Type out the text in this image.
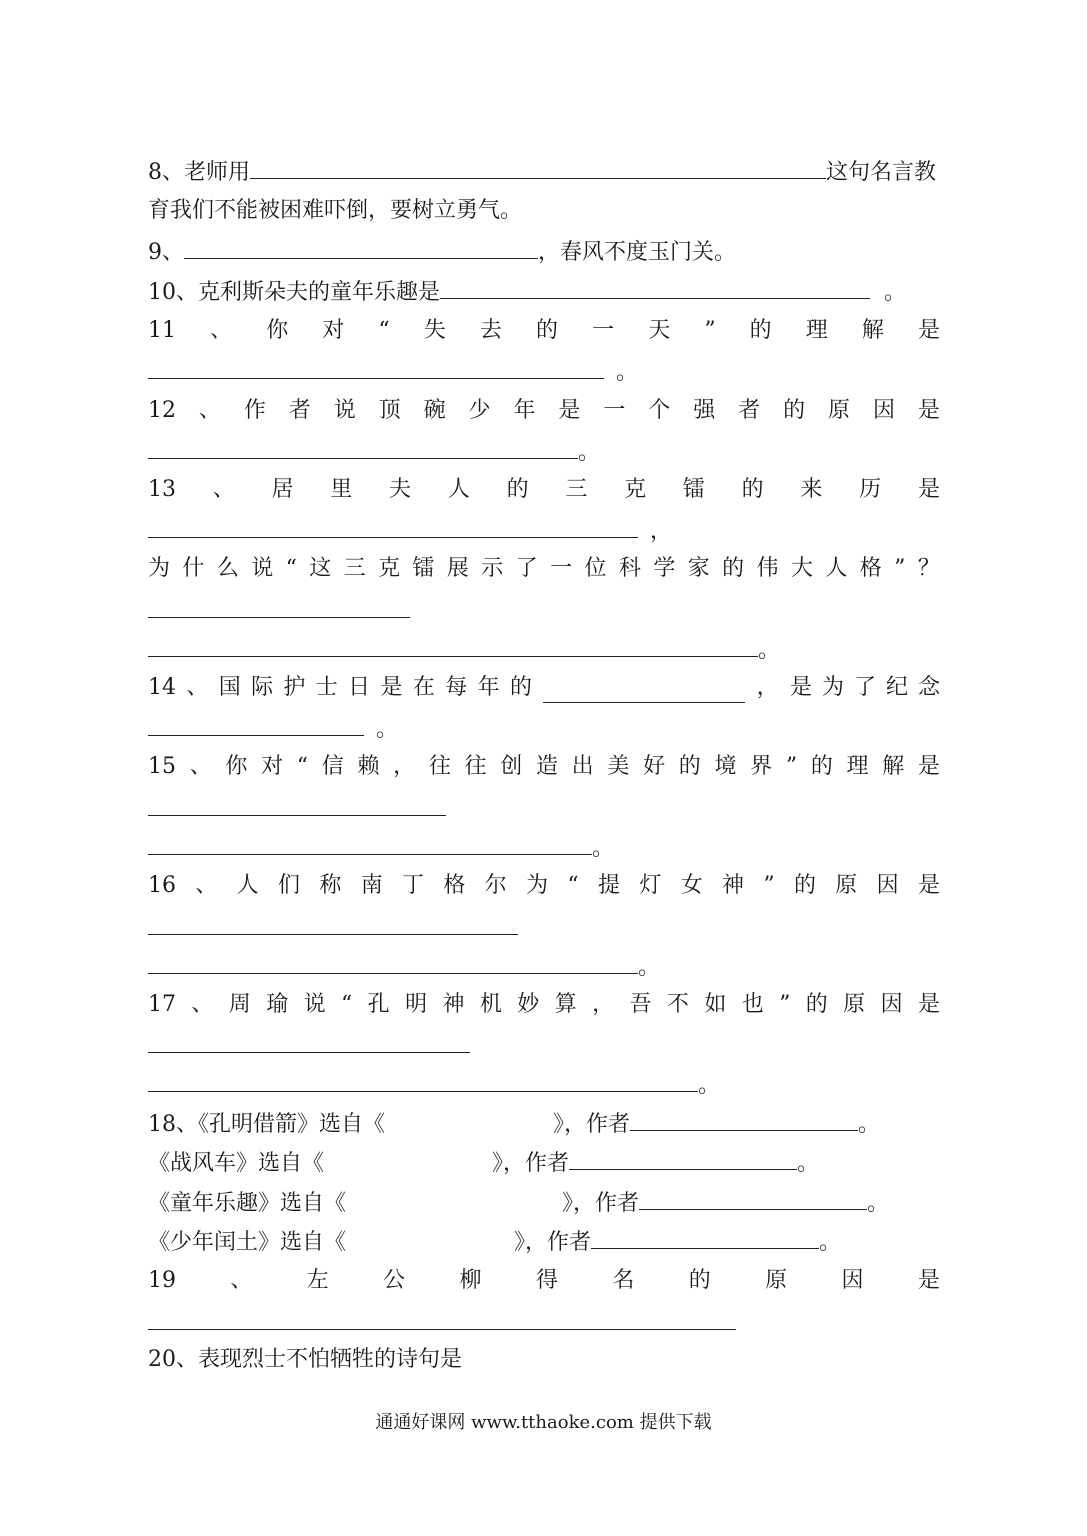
8、老师用	这句名言教
育我们不能被困难吓倒，要树立勇气。
9、	，春风不度玉门关。
10、克利斯朵夫的童年乐趣是	。
11 、 你 对 “ 失 去 的 一 天 ” 的 理 解 是
。
12 、 作 者 说 顶 碗 少 年 是 一 个 强 者 的 原 因 是
。
13 、 居 里 夫 人 的 三 克 镭 的 来 历 是
，
为 什 么 说 “ 这 三 克 镭 展 示 了 一 位 科 学 家 的 伟 大 人 格 ” ？
。
14 、 国 际 护 士 日 是 在 每 年 的	， 是 为 了 纪 念
。
15 、 你 对 “ 信 赖 ， 往 往 创 造 出 美 好 的 境 界 ” 的 理 解 是
。
16 、 人 们 称 南 丁 格 尔 为 “ 提 灯 女 神 ” 的 原 因 是
。
17 、 周 瑜 说 “ 孔 明 神 机 妙 算 ， 吾 不 如 也 ” 的 原 因 是
。
18、《孔明借箭》选自《	》，作者	。
《战风车》选自《	》，作者	。
《童年乐趣》选自《	》，作者	。
《少年闰土》选自《	》，作者	。
19 、 左 公 柳 得 名 的 原 因 是
20、表现烈士不怕牺牲的诗句是
通通好课网 www.tthaoke.com 提供下载
